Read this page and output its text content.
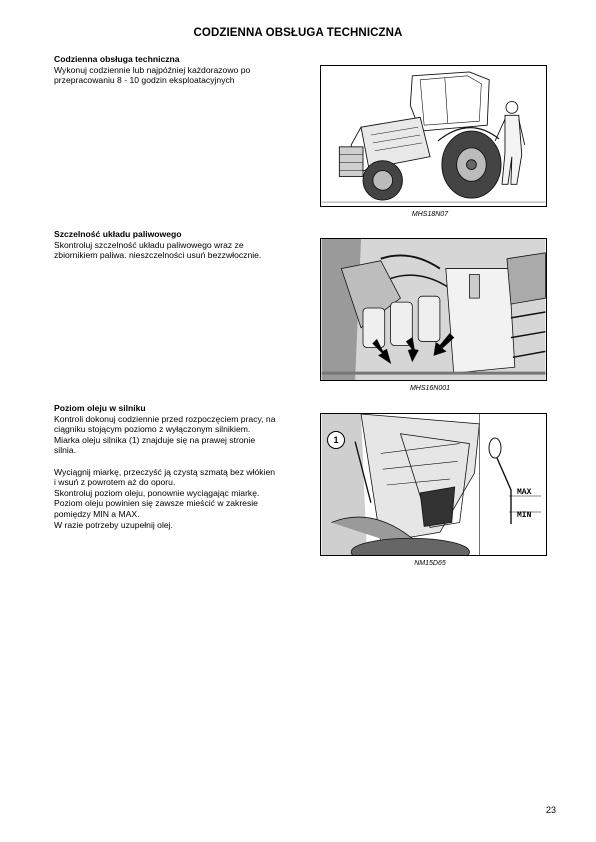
CODZIENNA OBSŁUGA TECHNICZNA
Codzienna obsługa techniczna

Wykonuj codziennie lub najpóźniej każdorazowo po
przepracowaniu 8 - 10 godzin eksploatacyjnych

MHS18N07
Szczelność układu paliwowego

Skontroluj szczelność układu paliwowego wraz ze
zbiornikiem paliwa. nieszczelności usuń bezzwłocznie.

MHS16N001
Poziom oleju w silniku

Kontroli dokonuj codziennie przed rozpoczęciem pracy, na
ciągniku stojącym poziomo z wyłączonym silnikiem.
Miarka oleju silnika (1) znajduje się na prawej stronie
silnia.

Wyciągnij miarkę, przeczyść ją czystą szmatą bez włókien
i wsuń z powrotem aż do oporu.
Skontroluj poziom oleju, ponownie wyciągając miarkę.
Poziom oleju powinien się zawsze mieścić w zakresie
pomiędzy MIN a MAX.
W razie potrzeby uzupełnij olej.

1
MAX
MIN
NM15D65
23
